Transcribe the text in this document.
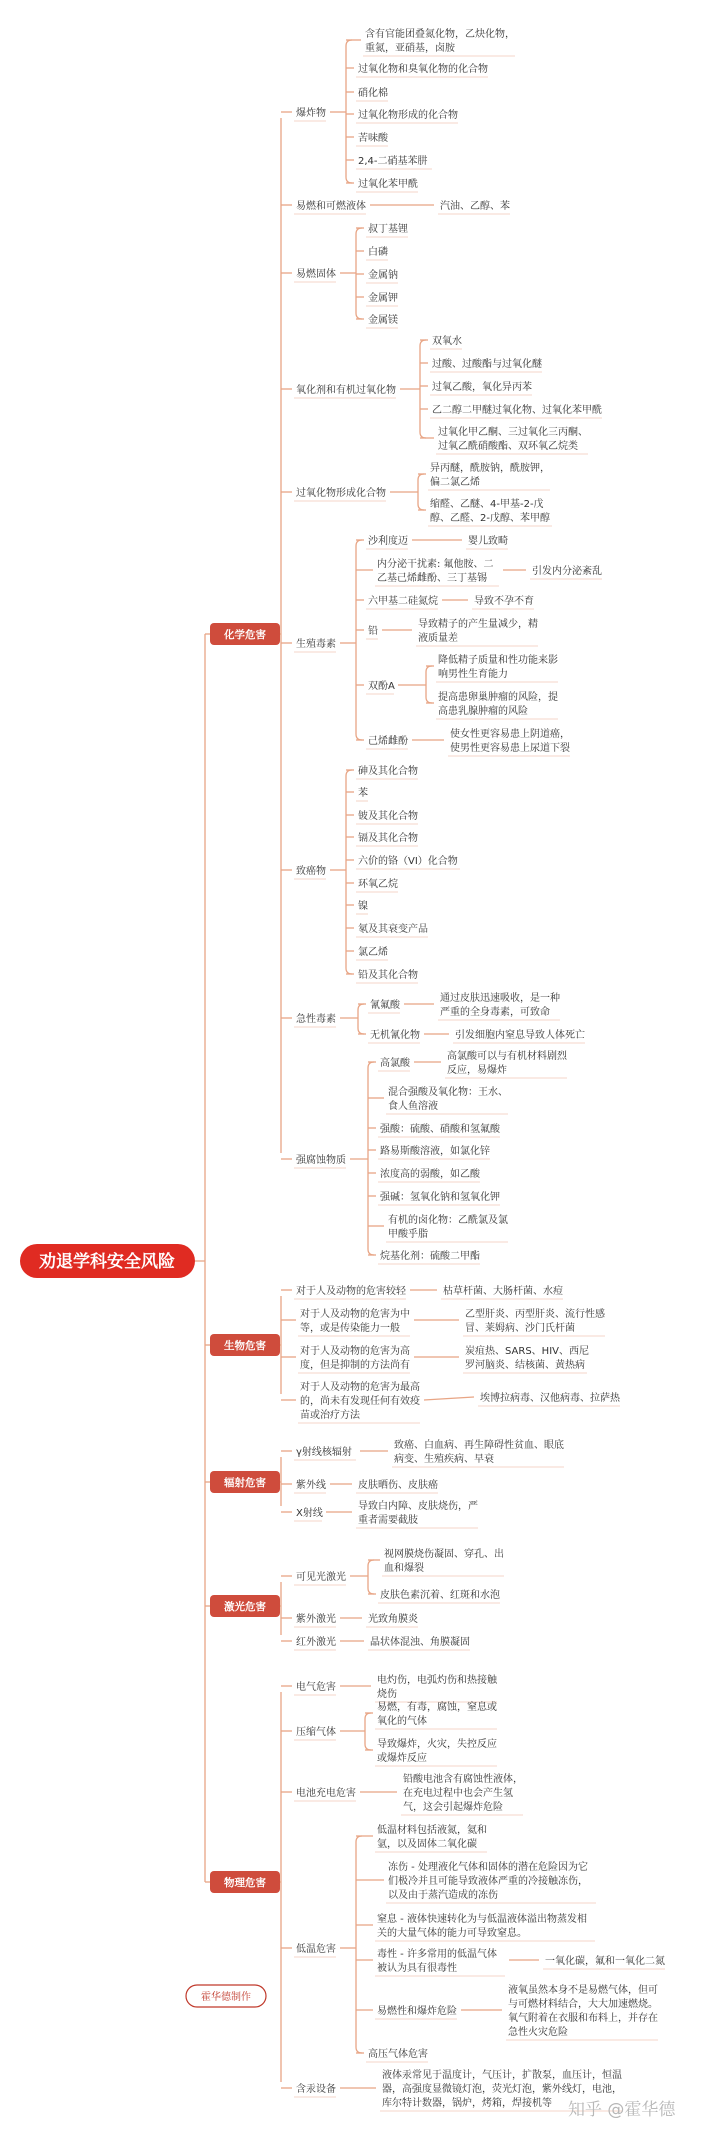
爆炸物
含有官能团叠氮化物，乙炔化物，重氮，亚硝基，卤胺
过氧化物和臭氧化物的化合物
硝化棉
过氧化物形成的化合物
苦味酸
2,4-二硝基苯肼
过氧化苯甲酰
易燃和可燃液体	汽油、乙醇、苯
易燃固体
叔丁基锂
白磷
金属钠
金属钾
金属镁
氧化剂和有机过氧化物
双氧水
过酸、过酸酯与过氧化醚
过氧乙酸，氧化异丙苯
乙二醇二甲醚过氧化物、过氧化苯甲酰
过氧化甲乙酮、三过氧化三丙酮、过氧乙酰硝酸酯、双环氧乙烷类
过氧化物形成化合物
异丙醚，酰胺钠，酰胺钾，偏二氯乙烯
缩醛、乙醚、4-甲基-2-戊醇、乙醛、2-戊醇、苯甲醇
生殖毒素
沙利度迈	婴儿致畸
内分泌干扰素: 氟他胺、二乙基己烯雌酚、三丁基锡
引发内分泌紊乱
六甲基二硅氮烷	导致不孕不育
铅
导致精子的产生量减少，精液质量差
双酚A
降低精子质量和性功能来影响男性生育能力
提高患卵巢肿瘤的风险，提高患乳腺肿瘤的风险
己烯雌酚
使女性更容易患上阴道癌，使男性更容易患上尿道下裂
致癌物
砷及其化合物
苯
铍及其化合物
镉及其化合物
六价的铬（VI）化合物
环氧乙烷
镍
氡及其衰变产品
氯乙烯
铅及其化合物
急性毒素
氰氟酸
通过皮肤迅速吸收，是一种严重的全身毒素，可致命
无机氰化物	引发细胞内窒息导致人体死亡
强腐蚀物质
高氯酸
高氯酸可以与有机材料剧烈反应，易爆炸
混合强酸及氧化物：王水、食人鱼溶液
强酸：硫酸、硝酸和氢氟酸
路易斯酸溶液，如氯化锌
浓度高的弱酸，如乙酸
强碱：氢氧化钠和氢氧化钾
有机的卤化物：乙酰氯及氯甲酸乎脂
烷基化剂：硫酸二甲酯
对于人及动物的危害较轻	枯草杆菌、大肠杆菌、水痘
对于人及动物的危害为中等，或是传染能力一般
乙型肝炎、丙型肝炎、流行性感冒、莱姆病、沙门氏杆菌
对于人及动物的危害为高度，但是抑制的方法尚有
炭疽热、SARS、HIV、西尼罗河脑炎、结核菌、黄热病
对于人及动物的危害为最高的，尚未有发现任何有效疫苗或治疗方法
埃博拉病毒、汉他病毒、拉萨热
γ射线核辐射
致癌、白血病、再生障碍性贫血、眼底病变、生殖疾病、早衰
紫外线	皮肤晒伤、皮肤癌
X射线
导致白内障、皮肤烧伤，严重者需要截肢
可见光激光
视网膜烧伤凝固、穿孔、出血和爆裂
皮肤色素沉着、红斑和水泡
紫外激光	光致角膜炎
红外激光	晶状体混浊、角膜凝固
电气危害
电灼伤，电弧灼伤和热接触烧伤
压缩气体
易燃，有毒，腐蚀，窒息或氧化的气体
导致爆炸，火灾，失控反应或爆炸反应
电池充电危害
铅酸电池含有腐蚀性液体，在充电过程中也会产生氢气，这会引起爆炸危险
低温危害
低温材料包括液氮，氦和氩，以及固体二氧化碳
冻伤 - 处理液化气体和固体的潜在危险因为它们极冷并且可能导致液体严重的冷接触冻伤，以及由于蒸汽造成的冻伤
窒息 - 液体快速转化为与低温液体溢出物蒸发相关的大量气体的能力可导致窒息。
毒性 - 许多常用的低温气体被认为具有很毒性
一氧化碳，氟和一氧化二氮
易燃性和爆炸危险
液氧虽然本身不是易燃气体，但可与可燃材料结合，大大加速燃烧。氧气附着在衣服和布料上，并存在急性火灾危险
高压气体危害
含汞设备
液体汞常见于温度计，气压计，扩散泵，血压计，恒温器，高强度显微镜灯泡，荧光灯泡，紫外线灯，电池，库尔特计数器，锅炉，烤箱，焊接机等
化学危害
生物危害
辐射危害
激光危害
物理危害
劝退学科安全风险
霍华德制作
知乎 @霍华德
